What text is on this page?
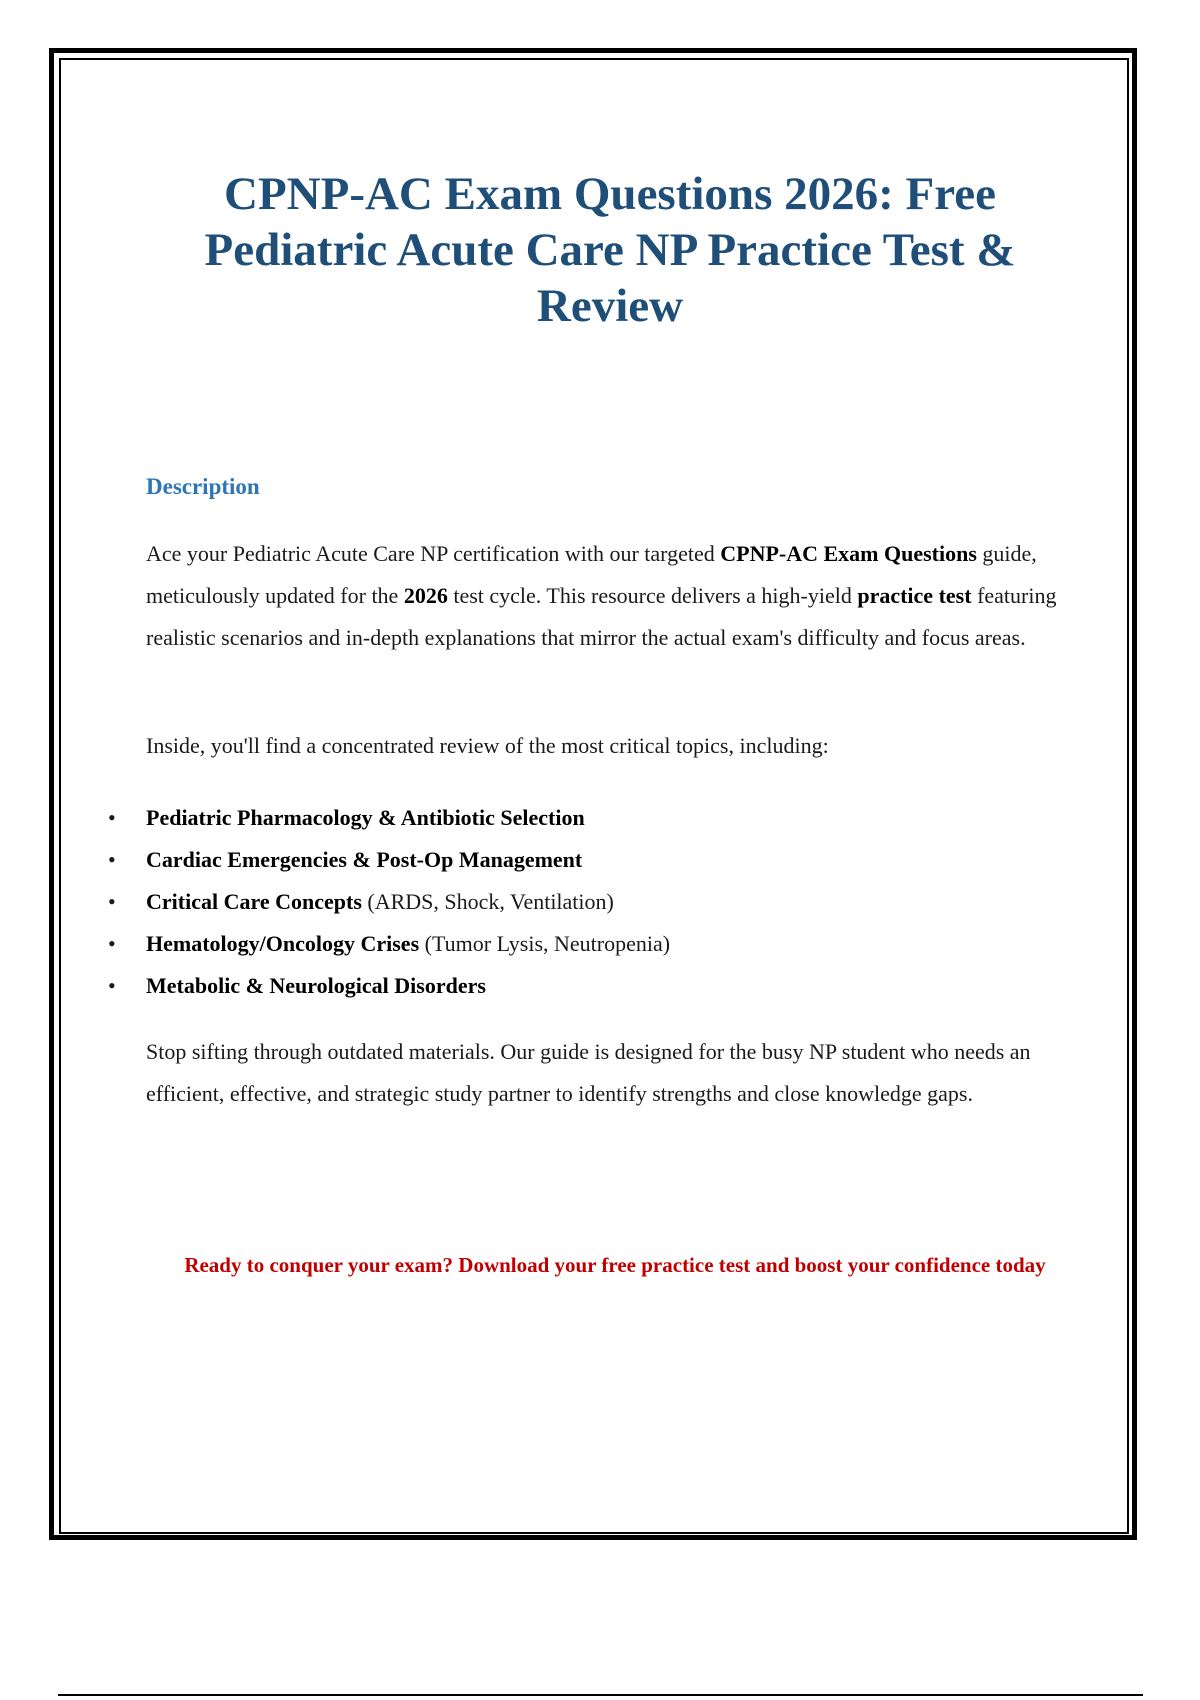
CPNP-AC Exam Questions 2026: Free Pediatric Acute Care NP Practice Test & Review
Description

Ace your Pediatric Acute Care NP certification with our targeted CPNP-AC Exam Questions guide, meticulously updated for the 2026 test cycle. This resource delivers a high-yield practice test featuring realistic scenarios and in-depth explanations that mirror the actual exam's difficulty and focus areas.

Inside, you'll find a concentrated review of the most critical topics, including:

• Pediatric Pharmacology & Antibiotic Selection
• Cardiac Emergencies & Post-Op Management
• Critical Care Concepts (ARDS, Shock, Ventilation)
• Hematology/Oncology Crises (Tumor Lysis, Neutropenia)
• Metabolic & Neurological Disorders

Stop sifting through outdated materials. Our guide is designed for the busy NP student who needs an efficient, effective, and strategic study partner to identify strengths and close knowledge gaps.

Ready to conquer your exam? Download your free practice test and boost your confidence today
